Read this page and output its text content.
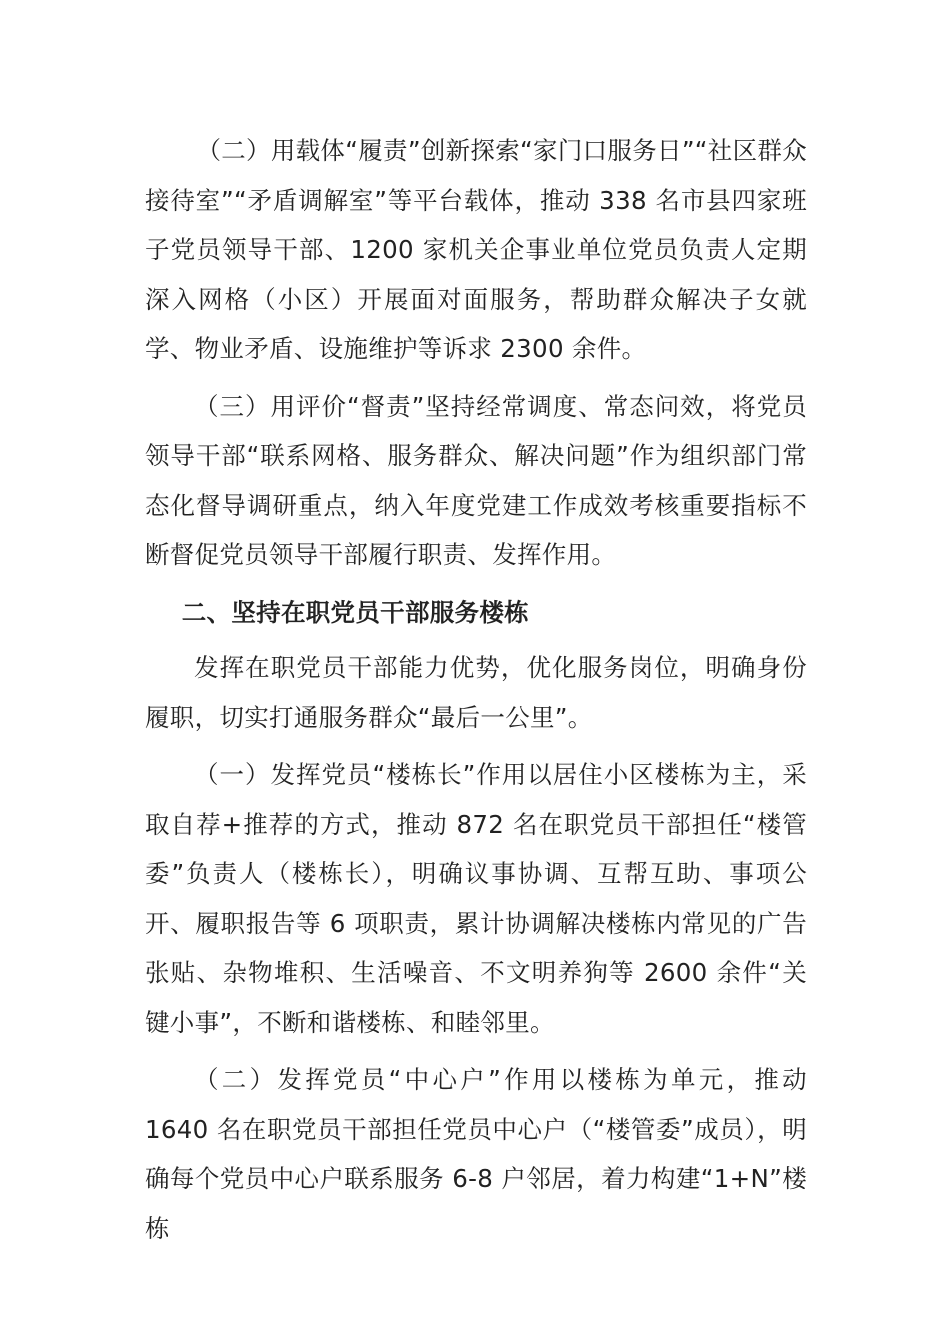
（二）用载体“履责”创新探索“家门口服务日”“社区群众接待室”“矛盾调解室”等平台载体，推动 338 名市县四家班子党员领导干部、1200 家机关企事业单位党员负责人定期深入网格（小区）开展面对面服务，帮助群众解决子女就学、物业矛盾、设施维护等诉求 2300 余件。

（三）用评价“督责”坚持经常调度、常态问效，将党员领导干部“联系网格、服务群众、解决问题”作为组织部门常态化督导调研重点，纳入年度党建工作成效考核重要指标不断督促党员领导干部履行职责、发挥作用。

二、坚持在职党员干部服务楼栋

发挥在职党员干部能力优势，优化服务岗位，明确身份履职，切实打通服务群众“最后一公里”。

（一）发挥党员“楼栋长”作用以居住小区楼栋为主，采取自荐+推荐的方式，推动 872 名在职党员干部担任“楼管委”负责人（楼栋长），明确议事协调、互帮互助、事项公开、履职报告等 6 项职责，累计协调解决楼栋内常见的广告张贴、杂物堆积、生活噪音、不文明养狗等 2600 余件“关键小事”，不断和谐楼栋、和睦邻里。

（二）发挥党员“中心户”作用以楼栋为单元，推动 1640 名在职党员干部担任党员中心户（“楼管委”成员），明确每个党员中心户联系服务 6-8 户邻居，着力构建“1+N”楼栋
